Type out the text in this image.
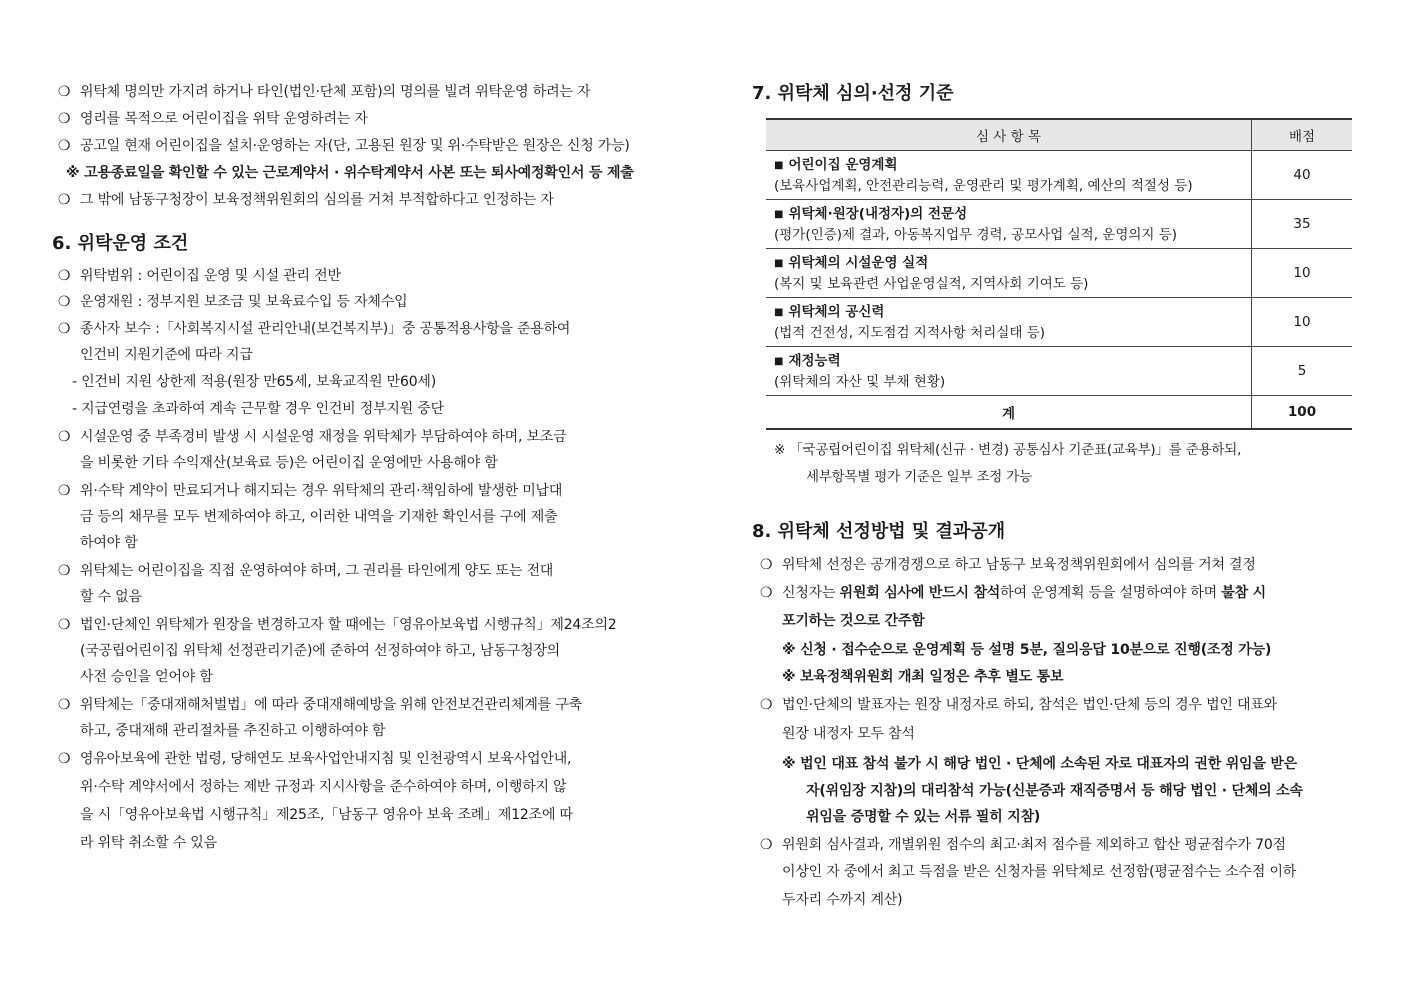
❍ 위탁체 명의만 가지려 하거나 타인(법인·단체 포함)의 명의를 빌려 위탁운영 하려는 자
❍ 영리를 목적으로 어린이집을 위탁 운영하려는 자
❍ 공고일 현재 어린이집을 설치·운영하는 자(단, 고용된 원장 및 위·수탁받은 원장은 신청 가능)
※ 고용종료일을 확인할 수 있는 근로계약서 · 위수탁계약서 사본 또는 퇴사예정확인서 등 제출
❍ 그 밖에 남동구청장이 보육정책위원회의 심의를 거쳐 부적합하다고 인정하는 자
6. 위탁운영 조건
❍ 위탁범위 : 어린이집 운영 및 시설 관리 전반
❍ 운영재원 : 정부지원 보조금 및 보육료수입 등 자체수입
❍ 종사자 보수 :「사회복지시설 관리안내(보건복지부)」중 공통적용사항을 준용하여
인건비 지원기준에 따라 지급
- 인건비 지원 상한제 적용(원장 만65세, 보육교직원 만60세)
- 지급연령을 초과하여 계속 근무할 경우 인건비 정부지원 중단
❍ 시설운영 중 부족경비 발생 시 시설운영 재정을 위탁체가 부담하여야 하며, 보조금
을 비롯한 기타 수익재산(보육료 등)은 어린이집 운영에만 사용해야 함
❍ 위·수탁 계약이 만료되거나 해지되는 경우 위탁체의 관리·책임하에 발생한 미납대
금 등의 채무를 모두 변제하여야 하고, 이러한 내역을 기재한 확인서를 구에 제출
하여야 함
❍ 위탁체는 어린이집을 직접 운영하여야 하며, 그 권리를 타인에게 양도 또는 전대
할 수 없음
❍ 법인·단체인 위탁체가 원장을 변경하고자 할 때에는「영유아보육법 시행규칙」제24조의2
(국공립어린이집 위탁체 선정관리기준)에 준하여 선정하여야 하고, 남동구청장의
사전 승인을 얻어야 함
❍ 위탁체는「중대재해처벌법」에 따라 중대재해예방을 위해 안전보건관리체계를 구축
하고, 중대재해 관리절차를 추진하고 이행하여야 함
❍ 영유아보육에 관한 법령, 당해연도 보육사업안내지침 및 인천광역시 보육사업안내,
위·수탁 계약서에서 정하는 제반 규정과 지시사항을 준수하여야 하며, 이행하지 않
을 시「영유아보육법 시행규칙」제25조,「남동구 영유아 보육 조례」제12조에 따
라 위탁 취소할 수 있음
7. 위탁체 심의·선정 기준
심 사 항 목	배점
■ 어린이집 운영계획
(보육사업계획, 안전관리능력, 운영관리 및 평가계획, 예산의 적절성 등)	40
■ 위탁체·원장(내정자)의 전문성
(평가(인증)제 결과, 아동복지업무 경력, 공모사업 실적, 운영의지 등)	35
■ 위탁체의 시설운영 실적
(복지 및 보육관련 사업운영실적, 지역사회 기여도 등)	10
■ 위탁체의 공신력
(법적 건전성, 지도점검 지적사항 처리실태 등)	10
■ 재정능력
(위탁체의 자산 및 부채 현황)	5
계	100
※ 「국공립어린이집 위탁체(신규 · 변경) 공통심사 기준표(교육부)」를 준용하되,
세부항목별 평가 기준은 일부 조정 가능
8. 위탁체 선정방법 및 결과공개
❍ 위탁체 선정은 공개경쟁으로 하고 남동구 보육정책위원회에서 심의를 거쳐 결정
❍ 신청자는 위원회 심사에 반드시 참석하여 운영계획 등을 설명하여야 하며 불참 시
포기하는 것으로 간주함
※ 신청 · 접수순으로 운영계획 등 설명 5분, 질의응답 10분으로 진행(조정 가능)
※ 보육정책위원회 개최 일정은 추후 별도 통보
❍ 법인·단체의 발표자는 원장 내정자로 하되, 참석은 법인·단체 등의 경우 법인 대표와
원장 내정자 모두 참석
※ 법인 대표 참석 불가 시 해당 법인 · 단체에 소속된 자로 대표자의 권한 위임을 받은
자(위임장 지참)의 대리참석 가능(신분증과 재직증명서 등 해당 법인 · 단체의 소속
위임을 증명할 수 있는 서류 필히 지참)
❍ 위원회 심사결과, 개별위원 점수의 최고·최저 점수를 제외하고 합산 평균점수가 70점
이상인 자 중에서 최고 득점을 받은 신청자를 위탁체로 선정함(평균점수는 소수점 이하
두자리 수까지 계산)
